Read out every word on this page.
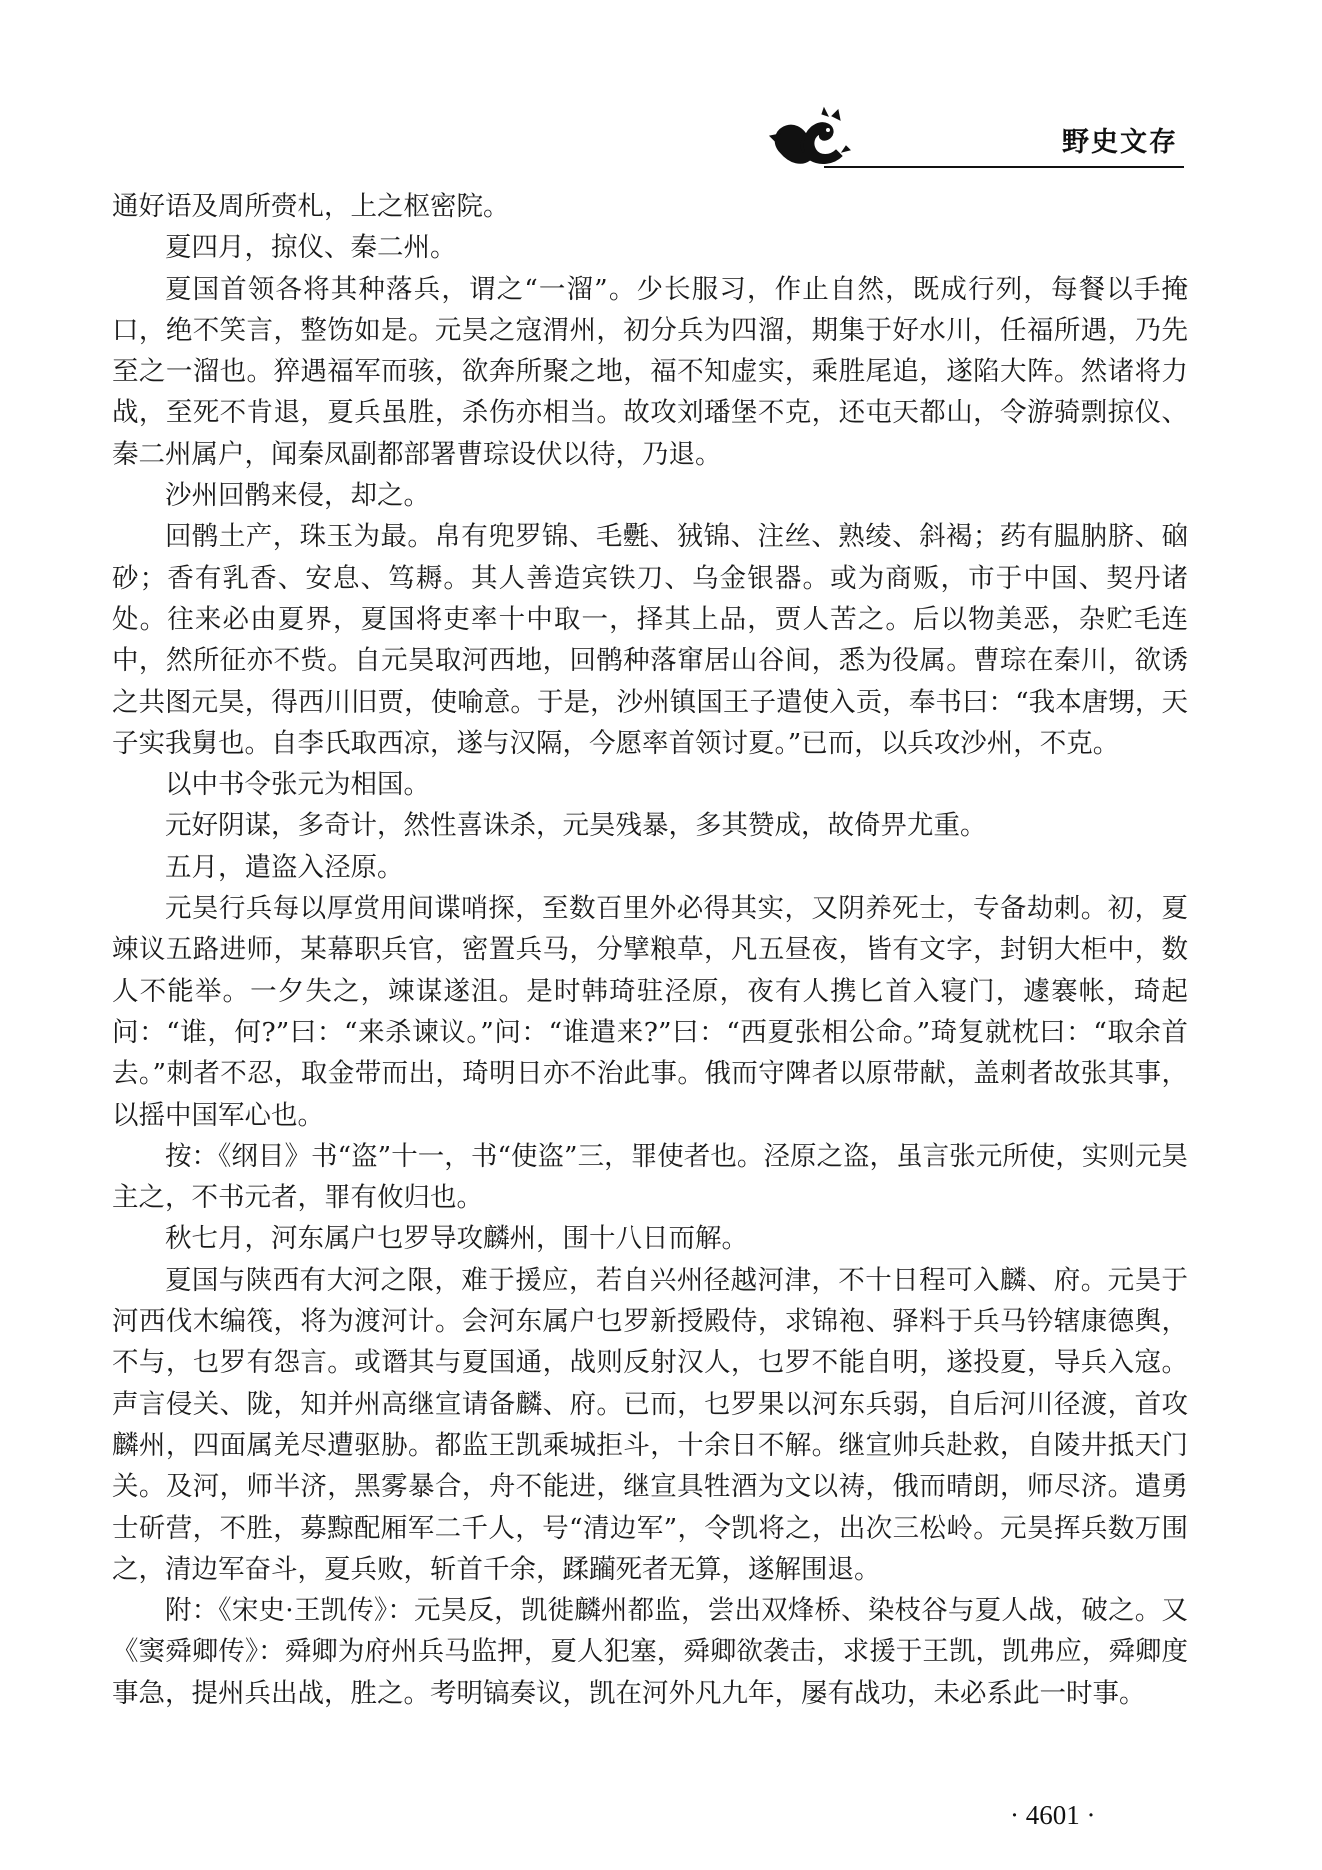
野史文存

通好语及周所赍札，上之枢密院。

夏四月，掠仪、秦二州。

夏国首领各将其种落兵，谓之“一溜”。少长服习，作止自然，既成行列，每餐以手掩口，绝不笑言，整饬如是。元昊之寇渭州，初分兵为四溜，期集于好水川，任福所遇，乃先至之一溜也。猝遇福军而骇，欲奔所聚之地，福不知虚实，乘胜尾追，遂陷大阵。然诸将力战，至死不肯退，夏兵虽胜，杀伤亦相当。故攻刘璠堡不克，还屯天都山，令游骑剽掠仪、秦二州属户，闻秦凤副都部署曹琮设伏以待，乃退。

沙州回鹘来侵，却之。

回鹘土产，珠玉为最。帛有兜罗锦、毛氎、狨锦、注丝、熟绫、斜褐；药有腽肭脐、硇砂；香有乳香、安息、笃耨。其人善造宾铁刀、乌金银器。或为商贩，市于中国、契丹诸处。往来必由夏界，夏国将吏率十中取一，择其上品，贾人苦之。后以物美恶，杂贮毛连中，然所征亦不赀。自元昊取河西地，回鹘种落窜居山谷间，悉为役属。曹琮在秦川，欲诱之共图元昊，得西川旧贾，使喻意。于是，沙州镇国王子遣使入贡，奉书曰：“我本唐甥，天子实我舅也。自李氏取西凉，遂与汉隔，今愿率首领讨夏。”已而，以兵攻沙州，不克。

以中书令张元为相国。

元好阴谋，多奇计，然性喜诛杀，元昊残暴，多其赞成，故倚畀尤重。

五月，遣盗入泾原。

元昊行兵每以厚赏用间谍哨探，至数百里外必得其实，又阴养死士，专备劫刺。初，夏竦议五路进师，某幕职兵官，密置兵马，分擘粮草，凡五昼夜，皆有文字，封钥大柜中，数人不能举。一夕失之，竦谋遂沮。是时韩琦驻泾原，夜有人携匕首入寝门，遽褰帐，琦起问：“谁，何?”曰：“来杀谏议。”问：“谁遣来?”曰：“西夏张相公命。”琦复就枕曰：“取余首去。”刺者不忍，取金带而出，琦明日亦不治此事。俄而守陴者以原带献，盖刺者故张其事，以摇中国军心也。

按：《纲目》书“盗”十一，书“使盗”三，罪使者也。泾原之盗，虽言张元所使，实则元昊主之，不书元者，罪有攸归也。

秋七月，河东属户乜罗导攻麟州，围十八日而解。

夏国与陕西有大河之限，难于援应，若自兴州径越河津，不十日程可入麟、府。元昊于河西伐木编筏，将为渡河计。会河东属户乜罗新授殿侍，求锦袍、驿料于兵马钤辖康德舆，不与，乜罗有怨言。或谮其与夏国通，战则反射汉人，乜罗不能自明，遂投夏，导兵入寇。声言侵关、陇，知并州高继宣请备麟、府。已而，乜罗果以河东兵弱，自后河川径渡，首攻麟州，四面属羌尽遭驱胁。都监王凯乘城拒斗，十余日不解。继宣帅兵赴救，自陵井抵天门关。及河，师半济，黑雾暴合，舟不能进，继宣具牲酒为文以祷，俄而晴朗，师尽济。遣勇士斫营，不胜，募黥配厢军二千人，号“清边军”，令凯将之，出次三松岭。元昊挥兵数万围之，清边军奋斗，夏兵败，斩首千余，蹂躏死者无算，遂解围退。

附：《宋史·王凯传》：元昊反，凯徙麟州都监，尝出双烽桥、染枝谷与夏人战，破之。又《窦舜卿传》：舜卿为府州兵马监押，夏人犯塞，舜卿欲袭击，求援于王凯，凯弗应，舜卿度事急，提州兵出战，胜之。考明镐奏议，凯在河外凡九年，屡有战功，未必系此一时事。

· 4601 ·
